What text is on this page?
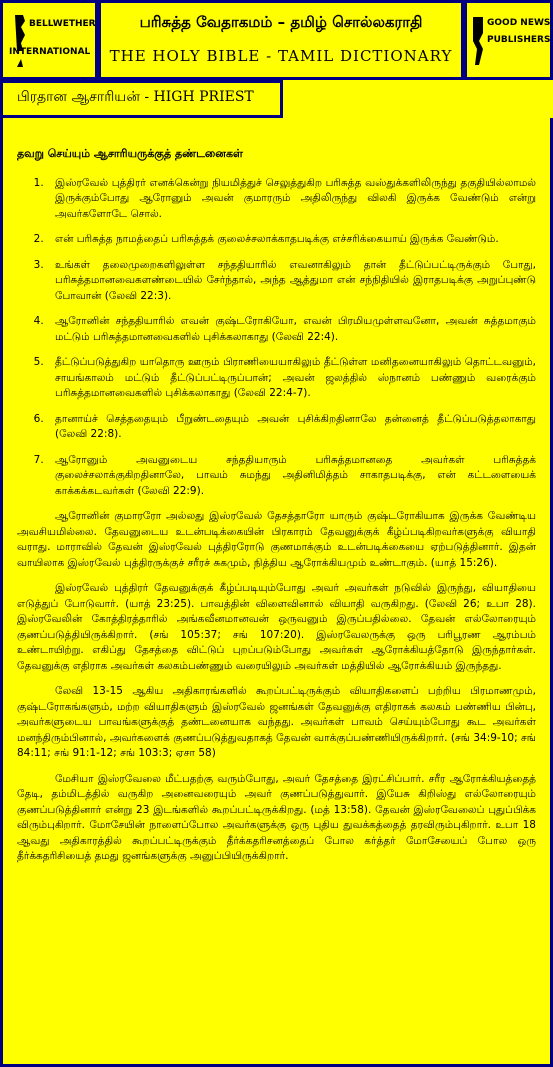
BELLWETHER
INTERNATIONAL
பரிசுத்த வேதாகமம் – தமிழ் சொல்லகராதி
THE HOLY BIBLE - TAMIL DICTIONARY
GOOD NEWS
PUBLISHERS
பிரதான ஆசாரியன் - HIGH PRIEST
தவறு செய்யும் ஆசாரியருக்குத் தண்டனைகள்
1. இஸ்ரவேல் புத்திரர் எனக்கென்று நியமித்துச் செலுத்துகிற பரிசுத்த வஸ்துக்களிலிருந்து தகுதியில்லாமல் இருக்கும்போது ஆரோனும் அவன் குமாரரும் அதிலிருந்து விலகி இருக்க வேண்டும் என்று அவர்களோடே சொல்.
2. என் பரிசுத்த நாமத்தைப் பரிசுத்தக் குலைச்சலாக்காதபடிக்கு எச்சரிக்கையாய் இருக்க வேண்டும்.
3. உங்கள் தலைமுறைகளிலுள்ள சந்ததியாரில் எவனாகிலும் தான் தீட்டுப்பட்டிருக்கும் போது, பரிசுத்தமானவைகளண்டையில் சேர்ந்தால், அந்த ஆத்துமா என் சந்நிதியில் இராதபடிக்கு அறுப்புண்டு போவான் (லேவி 22:3).
4. ஆரோனின் சந்ததியாரில் எவன் குஷ்டரோகியோ, எவன் பிரமியமுள்ளவனோ, அவன் சுத்தமாகும் மட்டும் பரிசுத்தமானவைகளில் புசிக்கலாகாது (லேவி 22:4).
5. தீட்டுப்படுத்துகிற யாதொரு ஊரும் பிராணியையாகிலும் தீட்டுள்ள மனிதனையாகிலும் தொட்டவனும், சாயங்காலம் மட்டும் தீட்டுப்பட்டிருப்பான்; அவன் ஜலத்தில் ஸ்நானம் பண்ணும் வரைக்கும் பரிசுத்தமானவைகளில் புசிக்கலாகாது (லேவி 22:4-7).
6. தானாய்ச் செத்ததையும் பீறுண்டதையும் அவன் புசிக்கிறதினாலே தன்னைத் தீட்டுப்படுத்தலாகாது (லேவி 22:8).
7. ஆரோனும் அவனுடைய சந்ததியாரும் பரிசுத்தமானதை அவர்கள் பரிசுத்தக் குலைச்சலாக்குகிறதினாலே, பாவம் சுமந்து அதினிமித்தம் சாகாதபடிக்கு, என் கட்டளையைக் காக்கக்கடவர்கள் (லேவி 22:9).

ஆரோனின் குமாரரோ அல்லது இஸ்ரவேல் தேசத்தாரோ யாரும் குஷ்டரோகியாக இருக்க வேண்டிய அவசியமில்லை. தேவனுடைய உடன்படிக்கையின் பிரகாரம் தேவனுக்குக் கீழ்ப்படிகிறவர்களுக்கு வியாதி வராது. மாராவில் தேவன் இஸ்ரவேல் புத்திரரோடு குணமாக்கும் உடன்படிக்கையை ஏற்படுத்தினார். இதன் வாயிலாக இஸ்ரவேல் புத்திரருக்குச் சரீரச் சுகமும், நித்திய ஆரோக்கியமும் உண்டாகும். (யாத் 15:26).

இஸ்ரவேல் புத்திரர் தேவனுக்குக் கீழ்ப்படியும்போது அவர் அவர்கள் நடுவில் இருந்து, வியாதியை எடுத்துப் போடுவார். (யாத் 23:25). பாவத்தின் விளைவினால் வியாதி வருகிறது. (லேவி 26; உபா 28). இஸ்ரவேலின் கோத்திரத்தாரில் அங்கவீனமானவன் ஒருவனும் இருப்பதில்லை. தேவன் எல்லோரையும் குணப்படுத்தியிருக்கிறார். (சங் 105:37; சங் 107:20). இஸ்ரவேலருக்கு ஒரு பரிபூரண ஆரம்பம் உண்டாயிற்று. எகிப்து தேசத்தை விட்டுப் புறப்படும்போது அவர்கள் ஆரோக்கியத்தோடு இருந்தார்கள். தேவனுக்கு எதிராக அவர்கள் கலகம்பண்ணும் வரையிலும் அவர்கள் மத்தியில் ஆரோக்கியம் இருந்தது.

லேவி 13-15 ஆகிய அதிகாரங்களில் கூறப்பட்டிருக்கும் வியாதிகளைப் பற்றிய பிரமாணமும், குஷ்டரோகங்களும், மற்ற வியாதிகளும் இஸ்ரவேல் ஜனங்கள் தேவனுக்கு எதிராகக் கலகம் பண்ணிய பின்பு, அவர்களுடைய பாவங்களுக்குத் தண்டனையாக வந்தது. அவர்கள் பாவம் செய்யும்போது கூட அவர்கள் மனந்திரும்பினால், அவர்களைக் குணப்படுத்துவதாகத் தேவன் வாக்குப்பண்ணியிருக்கிறார். (சங் 34:9-10; சங் 84:11; சங் 91:1-12; சங் 103:3; ஏசா 58)

மேசியா இஸ்ரவேலை மீட்பதற்கு வரும்போது, அவர் தேசத்தை இரட்சிப்பார். சரீர ஆரோக்கியத்தைத் தேடி, தம்மிடத்தில் வருகிற அனைவரையும் அவர் குணப்படுத்துவார். இயேசு கிறிஸ்து எல்லோரையும் குணப்படுத்தினார் என்று 23 இடங்களில் கூறப்பட்டிருக்கிறது. (மத் 13:58). தேவன் இஸ்ரவேலைப் புதுப்பிக்க விரும்புகிறார். மோசேயின் நாளைப்போல அவர்களுக்கு ஒரு புதிய துவக்கத்தைத் தரவிரும்புகிறார். உபா 18 ஆவது அதிகாரத்தில் கூறப்பட்டிருக்கும் தீர்க்கதரிசனத்தைப் போல கர்த்தர் மோசேயைப் போல ஒரு தீர்க்கதரிசியைத் தமது ஜனங்களுக்கு அனுப்பியிருக்கிறார்.
